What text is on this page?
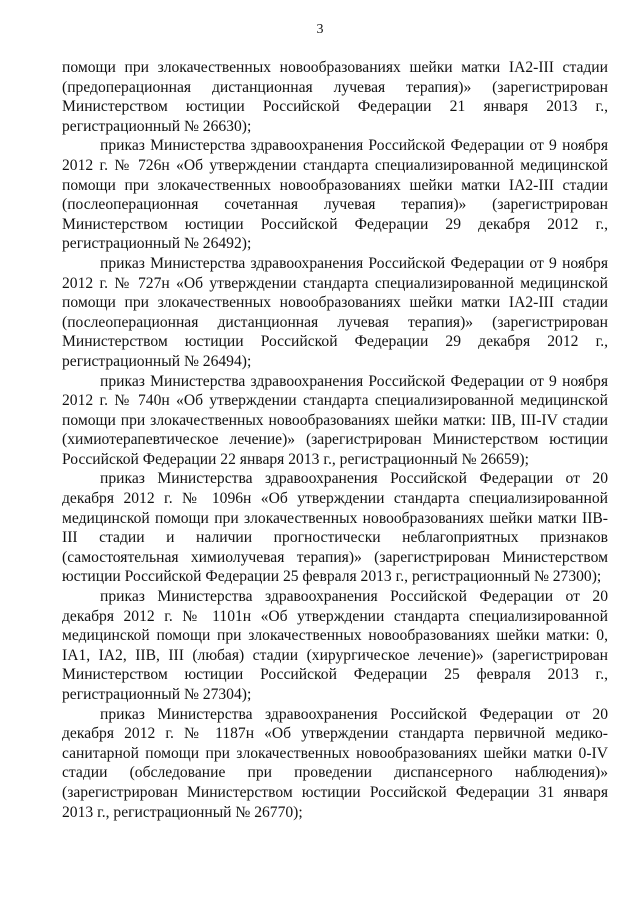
3

помощи при злокачественных новообразованиях шейки матки IA2-III стадии (предоперационная дистанционная лучевая терапия)» (зарегистрирован Министерством юстиции Российской Федерации 21 января 2013 г., регистрационный № 26630);

приказ Министерства здравоохранения Российской Федерации от 9 ноября 2012 г. № 726н «Об утверждении стандарта специализированной медицинской помощи при злокачественных новообразованиях шейки матки IA2-III стадии (послеоперационная сочетанная лучевая терапия)» (зарегистрирован Министерством юстиции Российской Федерации 29 декабря 2012 г., регистрационный № 26492);

приказ Министерства здравоохранения Российской Федерации от 9 ноября 2012 г. № 727н «Об утверждении стандарта специализированной медицинской помощи при злокачественных новообразованиях шейки матки IA2-III стадии (послеоперационная дистанционная лучевая терапия)» (зарегистрирован Министерством юстиции Российской Федерации 29 декабря 2012 г., регистрационный № 26494);

приказ Министерства здравоохранения Российской Федерации от 9 ноября 2012 г. № 740н «Об утверждении стандарта специализированной медицинской помощи при злокачественных новообразованиях шейки матки: IIB, III-IV стадии (химиотерапевтическое лечение)» (зарегистрирован Министерством юстиции Российской Федерации 22 января 2013 г., регистрационный № 26659);

приказ Министерства здравоохранения Российской Федерации от 20 декабря 2012 г. № 1096н «Об утверждении стандарта специализированной медицинской помощи при злокачественных новообразованиях шейки матки IIB-III стадии и наличии прогностически неблагоприятных признаков (самостоятельная химиолучевая терапия)» (зарегистрирован Министерством юстиции Российской Федерации 25 февраля 2013 г., регистрационный № 27300);

приказ Министерства здравоохранения Российской Федерации от 20 декабря 2012 г. № 1101н «Об утверждении стандарта специализированной медицинской помощи при злокачественных новообразованиях шейки матки: 0, IA1, IA2, IIB, III (любая) стадии (хирургическое лечение)» (зарегистрирован Министерством юстиции Российской Федерации 25 февраля 2013 г., регистрационный № 27304);

приказ Министерства здравоохранения Российской Федерации от 20 декабря 2012 г. № 1187н «Об утверждении стандарта первичной медико-санитарной помощи при злокачественных новообразованиях шейки матки 0-IV стадии (обследование при проведении диспансерного наблюдения)» (зарегистрирован Министерством юстиции Российской Федерации 31 января 2013 г., регистрационный № 26770);
